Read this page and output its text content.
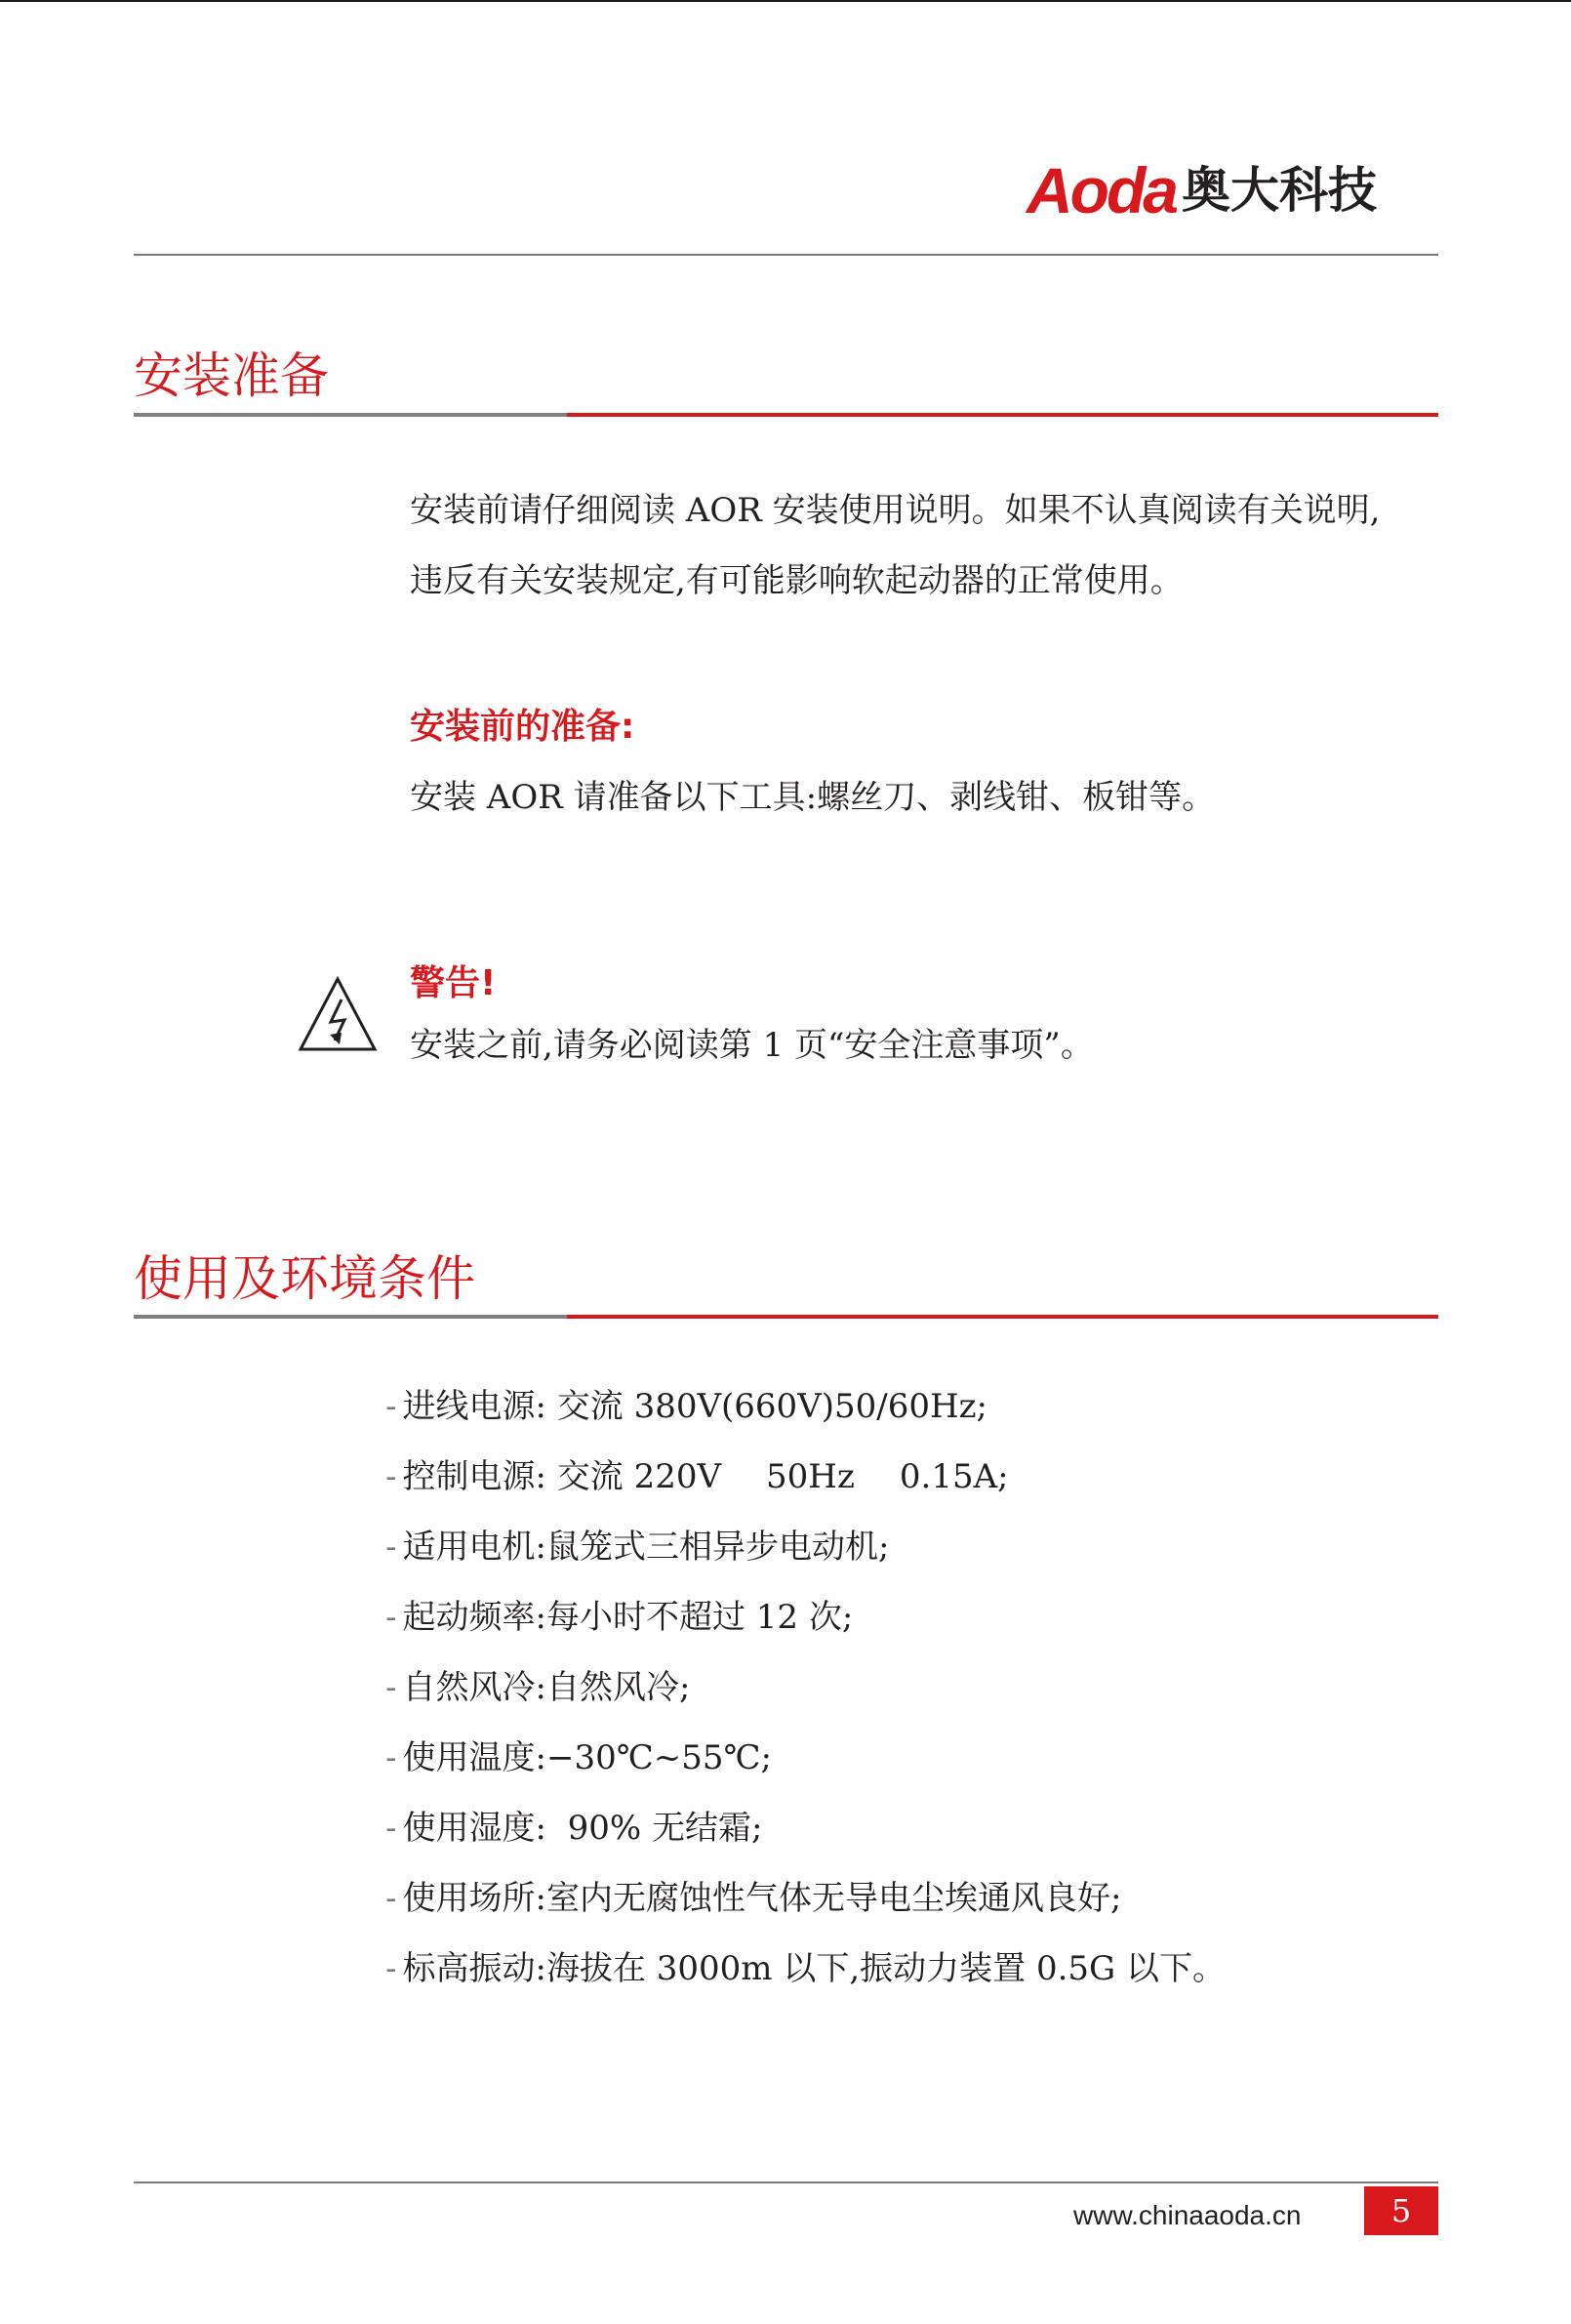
Aoda 奥大科技
安装准备

安装前请仔细阅读 AOR 安装使用说明。如果不认真阅读有关说明,

违反有关安装规定,有可能影响软起动器的正常使用。

安装前的准备:

安装 AOR 请准备以下工具:螺丝刀、剥线钳、板钳等。

警告!

安装之前,请务必阅读第 1 页“安全注意事项”。

使用及环境条件
- 进线电源: 交流 380V(660V)50/60Hz;
- 控制电源: 交流 220V 50Hz 0.15A;
- 适用电机:鼠笼式三相异步电动机;
- 起动频率:每小时不超过 12 次;
- 自然风冷:自然风冷;
- 使用温度:−30℃~55℃;
- 使用湿度:  90% 无结霜;
- 使用场所:室内无腐蚀性气体无导电尘埃通风良好;
- 标高振动:海拔在 3000m 以下,振动力装置 0.5G 以下。
www.chinaaoda.cn	5
